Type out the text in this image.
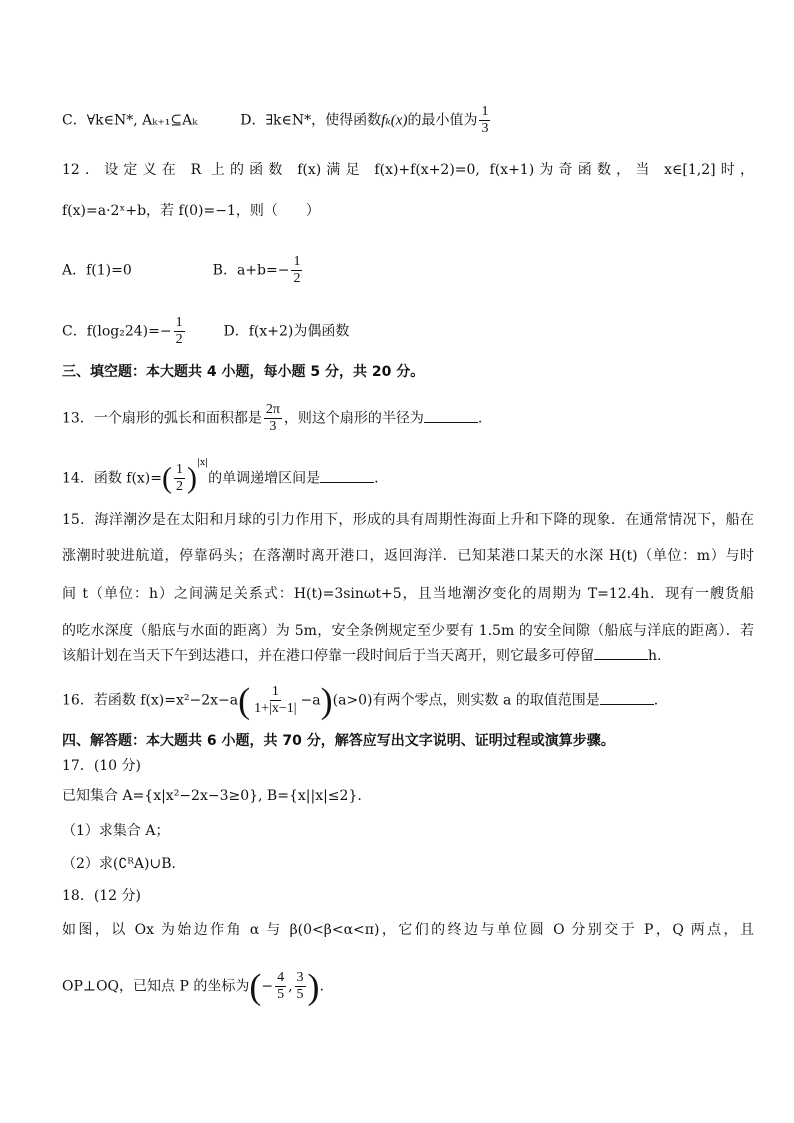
C．∀k∈N*, Aₖ₊₁⊆Aₖ	D．∃k∈N*，使得函数fₖ(x)的最小值为 $\frac{1}{3}$
12．设定义在 R 上的函数 f(x)满足 f(x)+f(x+2)=0, f(x+1)为奇函数，当 x∈[1,2]时，
f(x)=a·2ˣ+b，若 f(0)=−1，则（　　）
A．f(1)=0	B．$a+b=- \frac{1}{2}$
C．$f(\log_224)=- \frac{1}{2}$	D．f(x+2)为偶函数
三、填空题：本大题共 4 小题，每小题 5 分，共 20 分。
13．一个扇形的弧长和面积都是 $\frac{2\pi}{3}$ ，则这个扇形的半径为	.
14．函数 $f(x)=( \frac{1}{2} )^{|x|}$的单调递增区间是	.
15．海洋潮汐是在太阳和月球的引力作用下，形成的具有周期性海面上升和下降的现象．在通常情况下，船在
涨潮时驶进航道，停靠码头；在落潮时离开港口，返回海洋．已知某港口某天的水深 H(t)（单位：m）与时
间 t（单位：h）之间满足关系式：H(t)=3sinωt+5，且当地潮汐变化的周期为 T=12.4h．现有一艘货船
的吃水深度（船底与水面的距离）为 5m，安全条例规定至少要有 1.5m 的安全间隙（船底与洋底的距离）．若
该船计划在当天下午到达港口，并在港口停靠一段时间后于当天离开，则它最多可停留	h.
16．若函数 $f(x)=x^2-2x-a( \frac{1}{1+|x-1|} -a)(a>0)$有两个零点，则实数 a 的取值范围是	.
四、解答题：本大题共 6 小题，共 70 分，解答应写出文字说明、证明过程或演算步骤。
17．(10 分)
已知集合 A={x|x²−2x−3≥0}, B={x||x|≤2}.
（1）求集合 A；
（2）求(∁ᴿA)∪B.
18．(12 分)
如图，以 Ox 为始边作角 α 与 β(0<β<α<π)，它们的终边与单位圆 O 分别交于 P，Q 两点，且
OP⊥OQ，已知点 P 的坐标为(− $\frac{4}{5}$ , $\frac{3}{5}$ ).
